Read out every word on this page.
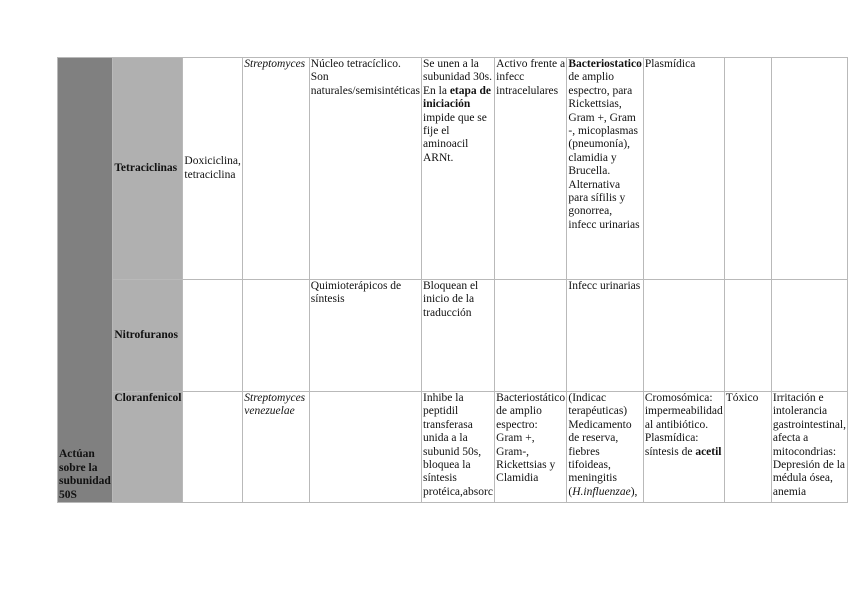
Actúan sobre la subunidad 50S	Tetraciclinas	Doxiciclina, tetraciclina	Streptomyces	Núcleo tetracíclico. Son naturales/semisintéticas	Se unen a la subunidad 30s. En la etapa de iniciación impide que se fije el aminoacil ARNt.	Activo frente a infecc intracelulares	Bacteriostatico de amplio espectro, para Rickettsias, Gram +, Gram -, micoplasmas (pneumonía), clamidia y Brucella. Alternativa para sífilis y gonorrea, infecc urinarias	Plasmídica		
	Nitrofuranos			Quimioterápicos de síntesis	Bloquean el inicio de la traducción		Infecc urinarias			
	Cloranfenicol		Streptomyces venezuelae		Inhibe la peptidil transferasa unida a la subunid 50s, bloquea la síntesis protéica,absorc	Bacteriostático de amplio espectro: Gram +, Gram-, Rickettsias y Clamidia	(Indicac terapéuticas) Medicamento de reserva, fiebres tifoideas, meningitis (H.influenzae),	Cromosómica: impermeabilidad al antibiótico. Plasmídica: síntesis de acetil	Tóxico	Irritación e intolerancia gastrointestinal, afecta a mitocondrias: Depresión de la médula ósea, anemia
